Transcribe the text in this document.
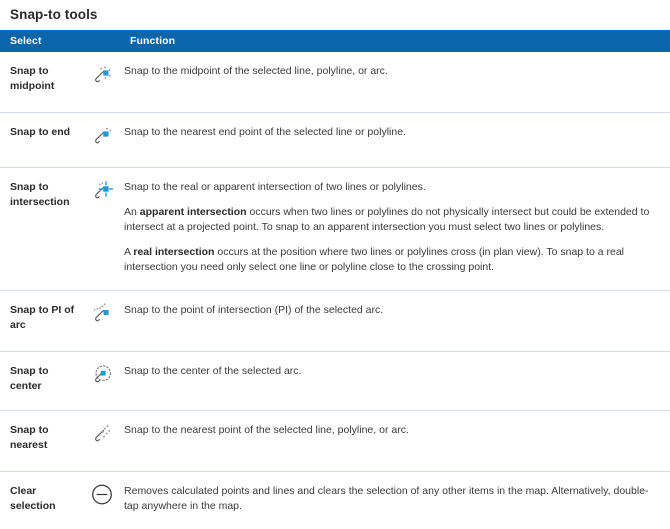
Snap-to tools
Select		Function
Snap to midpoint		Snap to the midpoint of the selected line, polyline, or arc.

Snap to end		Snap to the nearest end point of the selected line or polyline.

Snap to intersection		Snap to the real or apparent intersection of two lines or polylines.

An apparent intersection occurs when two lines or polylines do not physically intersect but could be extended to intersect at a projected point. To snap to an apparent intersection you must select two lines or polylines.

A real intersection occurs at the position where two lines or polylines cross (in plan view). To snap to a real intersection you need only select one line or polyline close to the crossing point.

Snap to PI of arc		Snap to the point of intersection (PI) of the selected arc.

Snap to center		Snap to the center of the selected arc.

Snap to nearest		Snap to the nearest point of the selected line, polyline, or arc.

Clear selection		Removes calculated points and lines and clears the selection of any other items in the map. Alternatively, double-tap anywhere in the map.
